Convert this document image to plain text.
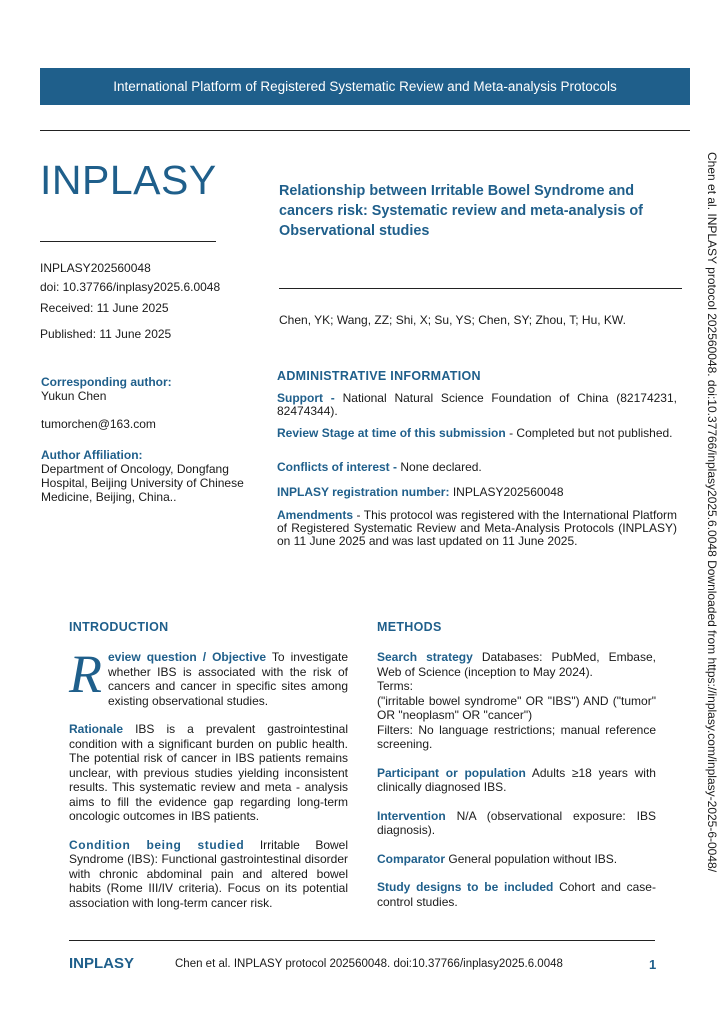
International Platform of Registered Systematic Review and Meta-analysis Protocols
INPLASY
INPLASY202560048
doi: 10.37766/inplasy2025.6.0048
Received: 11 June 2025
Published: 11 June 2025
Relationship between Irritable Bowel Syndrome and cancers risk: Systematic review and meta-analysis of Observational studies
Chen, YK; Wang, ZZ; Shi, X; Su, YS; Chen, SY; Zhou, T; Hu, KW.
Corresponding author:
Yukun Chen
tumorchen@163.com
Author Affiliation:
Department of Oncology, Dongfang Hospital, Beijing University of Chinese Medicine, Beijing, China..
ADMINISTRATIVE INFORMATION
Support - National Natural Science Foundation of China (82174231, 82474344).
Review Stage at time of this submission - Completed but not published.
Conflicts of interest - None declared.
INPLASY registration number: INPLASY202560048
Amendments - This protocol was registered with the International Platform of Registered Systematic Review and Meta-Analysis Protocols (INPLASY) on 11 June 2025 and was last updated on 11 June 2025.
INTRODUCTION
R eview question / Objective To investigate whether IBS is associated with the risk of cancers and cancer in specific sites among existing observational studies.
Rationale IBS is a prevalent gastrointestinal condition with a significant burden on public health. The potential risk of cancer in IBS patients remains unclear, with previous studies yielding inconsistent results. This systematic review and meta - analysis aims to fill the evidence gap regarding long-term oncologic outcomes in IBS patients.
Condition being studied Irritable Bowel Syndrome (IBS): Functional gastrointestinal disorder with chronic abdominal pain and altered bowel habits (Rome III/IV criteria). Focus on its potential association with long-term cancer risk.
METHODS
Search strategy Databases: PubMed, Embase, Web of Science (inception to May 2024).
Terms:
("irritable bowel syndrome" OR "IBS") AND ("tumor" OR "neoplasm" OR "cancer")
Filters: No language restrictions; manual reference screening.
Participant or population Adults ≥18 years with clinically diagnosed IBS.
Intervention N/A (observational exposure: IBS diagnosis).
Comparator General population without IBS.
Study designs to be included Cohort and case-control studies.
Chen et al. INPLASY protocol 202560048. doi:10.37766/inplasy2025.6.0048 Downloaded from https://inplasy.com/inplasy-2025-6-0048/
INPLASY	Chen et al. INPLASY protocol 202560048. doi:10.37766/inplasy2025.6.0048	1
